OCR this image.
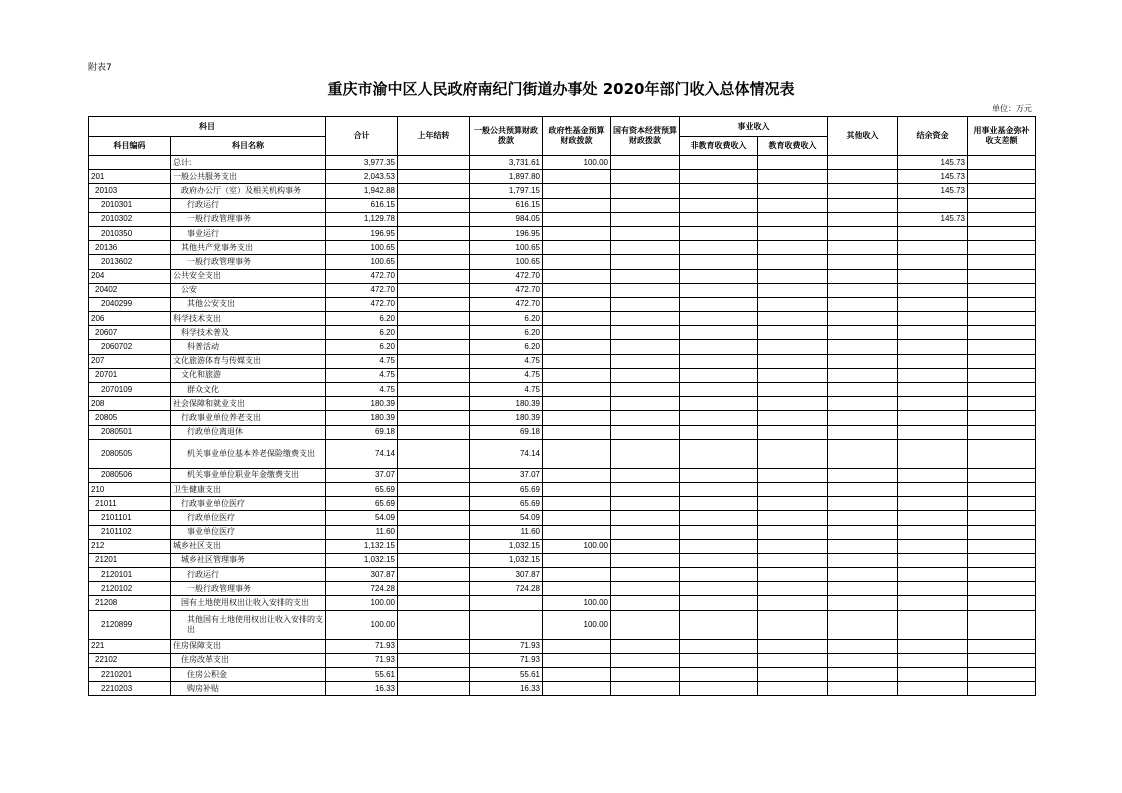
附表7
重庆市渝中区人民政府南纪门街道办事处 2020年部门收入总体情况表
单位：万元
科目		合计	上年结转	一般公共预算财政拨款	政府性基金预算财政拨款	国有资本经营预算财政拨款	事业收入		其他收入	结余资金	用事业基金弥补收支差额
科目编码	科目名称						非教育收费收入	教育收费收入			
	总计:	3,977.35		3,731.61	100.00					145.73	
201	一般公共服务支出	2,043.53		1,897.80						145.73	
20103	政府办公厅（室）及相关机构事务	1,942.88		1,797.15						145.73	
2010301	行政运行	616.15		616.15							
2010302	一般行政管理事务	1,129.78		984.05						145.73	
2010350	事业运行	196.95		196.95							
20136	其他共产党事务支出	100.65		100.65							
2013602	一般行政管理事务	100.65		100.65							
204	公共安全支出	472.70		472.70							
20402	公安	472.70		472.70							
2040299	其他公安支出	472.70		472.70							
206	科学技术支出	6.20		6.20							
20607	科学技术普及	6.20		6.20							
2060702	科普活动	6.20		6.20							
207	文化旅游体育与传媒支出	4.75		4.75							
20701	文化和旅游	4.75		4.75							
2070109	群众文化	4.75		4.75							
208	社会保障和就业支出	180.39		180.39							
20805	行政事业单位养老支出	180.39		180.39							
2080501	行政单位离退休	69.18		69.18							
2080505	机关事业单位基本养老保险缴费支出	74.14		74.14							
2080506	机关事业单位职业年金缴费支出	37.07		37.07							
210	卫生健康支出	65.69		65.69							
21011	行政事业单位医疗	65.69		65.69							
2101101	行政单位医疗	54.09		54.09							
2101102	事业单位医疗	11.60		11.60							
212	城乡社区支出	1,132.15		1,032.15	100.00						
21201	城乡社区管理事务	1,032.15		1,032.15							
2120101	行政运行	307.87		307.87							
2120102	一般行政管理事务	724.28		724.28							
21208	国有土地使用权出让收入安排的支出	100.00			100.00						
2120899	其他国有土地使用权出让收入安排的支出	100.00			100.00						
221	住房保障支出	71.93		71.93							
22102	住房改革支出	71.93		71.93							
2210201	住房公积金	55.61		55.61							
2210203	购房补贴	16.33		16.33							
